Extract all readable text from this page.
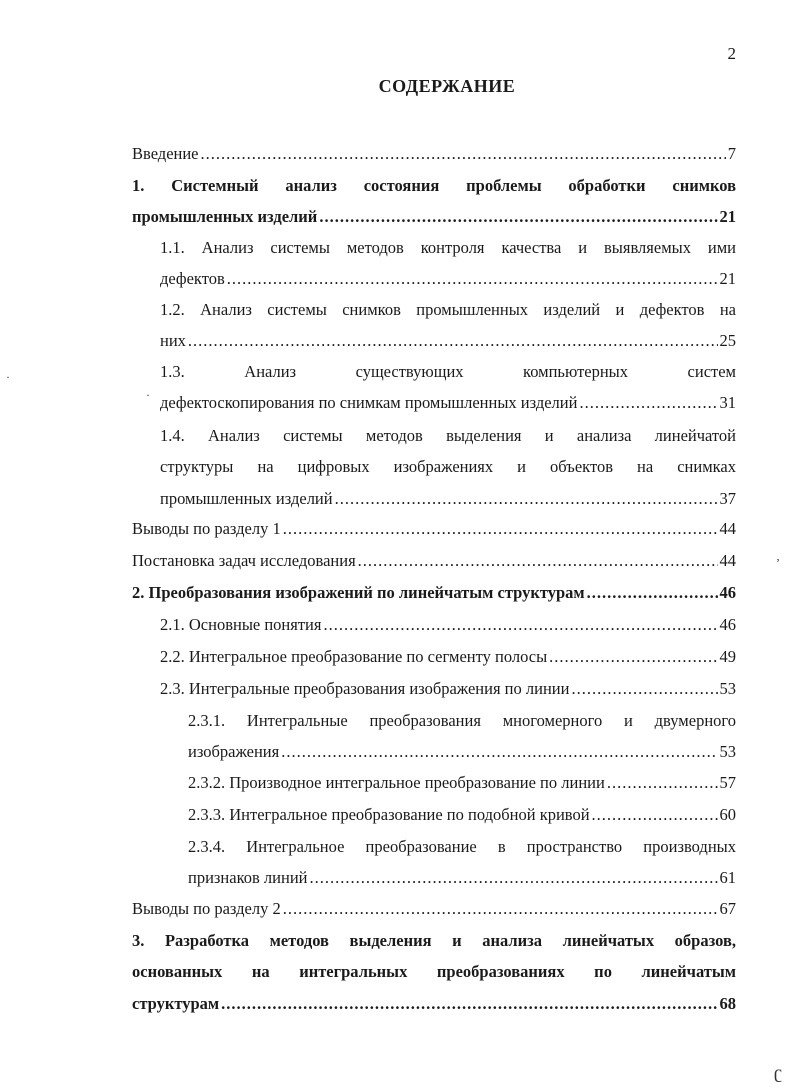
2
СОДЕРЖАНИЕ
Введение .....	7
1. Системный анализ состояния проблемы обработки снимков
промышленных изделий .....	21
1.1. Анализ системы методов контроля качества и выявляемых ими
дефектов .....	21
1.2. Анализ системы снимков промышленных изделий и дефектов на
них .....	25
1.3. Анализ существующих компьютерных систем
дефектоскопирования по снимкам промышленных изделий .....	31
1.4. Анализ системы методов выделения и анализа линейчатой
структуры на цифровых изображениях и объектов на снимках
промышленных изделий .....	37
Выводы по разделу 1 .....	44
Постановка задач исследования .....	44
2. Преобразования изображений по линейчатым структурам .....	46
2.1. Основные понятия .....	46
2.2. Интегральное преобразование по сегменту полосы .....	49
2.3. Интегральные преобразования изображения по линии .....	53
2.3.1. Интегральные преобразования многомерного и двумерного
изображения .....	53
2.3.2. Производное интегральное преобразование по линии .....	57
2.3.3. Интегральное преобразование по подобной кривой .....	60
2.3.4. Интегральное преобразование в пространство производных
признаков линий .....	61
Выводы по разделу 2 .....	67
3. Разработка методов выделения и анализа линейчатых образов,
основанных на интегральных преобразованиях по линейчатым
структурам .....	68
·
·
ʼ
ʗ
